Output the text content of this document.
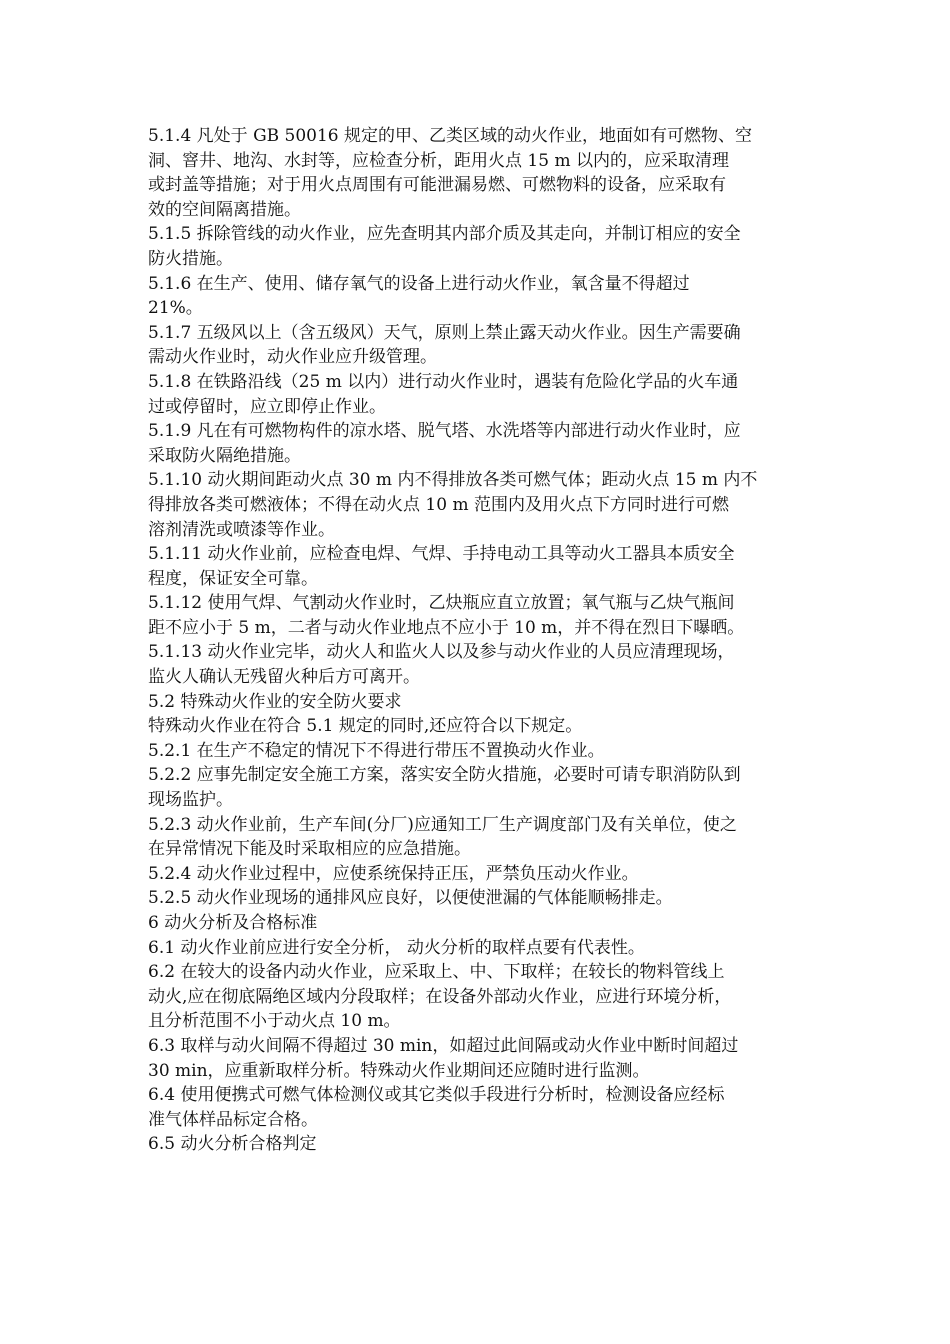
5.1.4 凡处于 GB 50016 规定的甲、乙类区域的动火作业，地面如有可燃物、空
洞、窨井、地沟、水封等，应检查分析，距用火点 15 m 以内的，应采取清理
或封盖等措施；对于用火点周围有可能泄漏易燃、可燃物料的设备，应采取有
效的空间隔离措施。

5.1.5 拆除管线的动火作业，应先查明其内部介质及其走向，并制订相应的安全
防火措施。

5.1.6 在生产、使用、储存氧气的设备上进行动火作业，氧含量不得超过
21%。

5.1.7 五级风以上（含五级风）天气，原则上禁止露天动火作业。因生产需要确
需动火作业时，动火作业应升级管理。

5.1.8 在铁路沿线（25 m 以内）进行动火作业时，遇装有危险化学品的火车通
过或停留时，应立即停止作业。

5.1.9 凡在有可燃物构件的凉水塔、脱气塔、水洗塔等内部进行动火作业时，应
采取防火隔绝措施。

5.1.10 动火期间距动火点 30 m 内不得排放各类可燃气体；距动火点 15 m 内不
得排放各类可燃液体；不得在动火点 10 m 范围内及用火点下方同时进行可燃
溶剂清洗或喷漆等作业。

5.1.11 动火作业前，应检查电焊、气焊、手持电动工具等动火工器具本质安全
程度，保证安全可靠。

5.1.12 使用气焊、气割动火作业时，乙炔瓶应直立放置；氧气瓶与乙炔气瓶间
距不应小于 5 m，二者与动火作业地点不应小于 10 m，并不得在烈日下曝晒。

5.1.13 动火作业完毕，动火人和监火人以及参与动火作业的人员应清理现场，
监火人确认无残留火种后方可离开。

5.2 特殊动火作业的安全防火要求

特殊动火作业在符合 5.1 规定的同时,还应符合以下规定。

5.2.1 在生产不稳定的情况下不得进行带压不置换动火作业。

5.2.2 应事先制定安全施工方案，落实安全防火措施，必要时可请专职消防队到
现场监护。

5.2.3 动火作业前，生产车间(分厂)应通知工厂生产调度部门及有关单位，使之
在异常情况下能及时采取相应的应急措施。

5.2.4 动火作业过程中，应使系统保持正压，严禁负压动火作业。

5.2.5 动火作业现场的通排风应良好，以便使泄漏的气体能顺畅排走。

6 动火分析及合格标准

6.1 动火作业前应进行安全分析， 动火分析的取样点要有代表性。

6.2 在较大的设备内动火作业，应采取上、中、下取样；在较长的物料管线上
动火,应在彻底隔绝区域内分段取样；在设备外部动火作业，应进行环境分析，
且分析范围不小于动火点 10 m。

6.3 取样与动火间隔不得超过 30 min，如超过此间隔或动火作业中断时间超过
30 min，应重新取样分析。特殊动火作业期间还应随时进行监测。

6.4 使用便携式可燃气体检测仪或其它类似手段进行分析时，检测设备应经标
准气体样品标定合格。

6.5 动火分析合格判定
